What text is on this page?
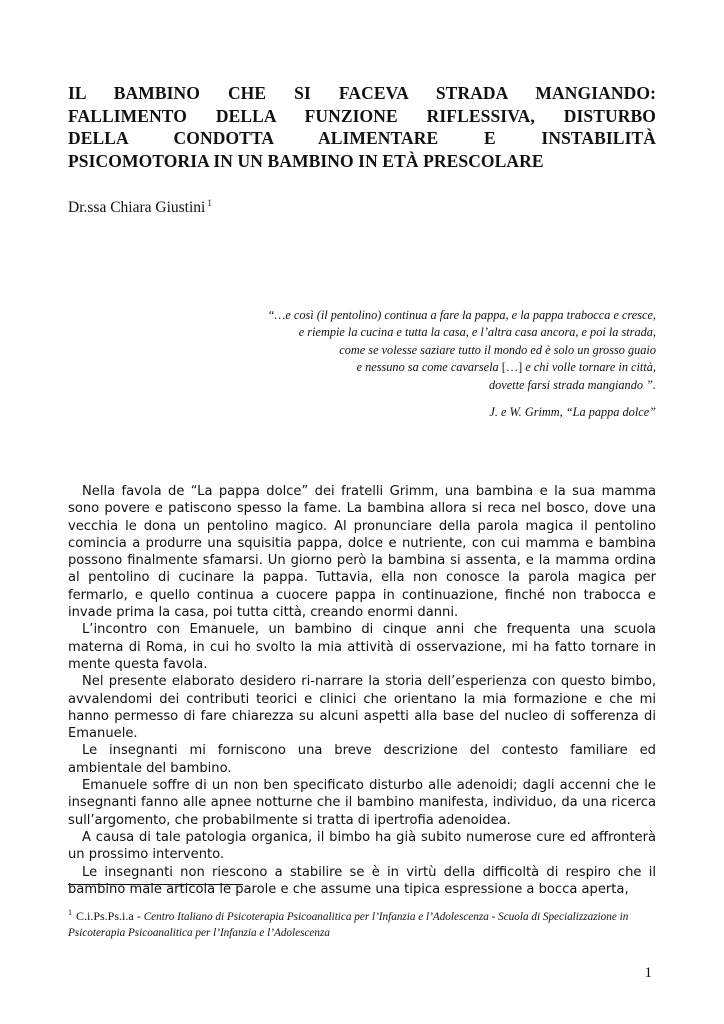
IL BAMBINO CHE SI FACEVA STRADA MANGIANDO:
FALLIMENTO DELLA FUNZIONE RIFLESSIVA, DISTURBO
DELLA CONDOTTA ALIMENTARE E INSTABILITÀ
PSICOMOTORIA IN UN BAMBINO IN ETÀ PRESCOLARE
Dr.ssa Chiara Giustini $^1$
“…e così (il pentolino) continua a fare la pappa, e la pappa trabocca e cresce,
e riempie la cucina e tutta la casa, e l’altra casa ancora, e poi la strada,
come se volesse saziare tutto il mondo ed è solo un grosso guaio
e nessuno sa come cavarsela […] e chi volle tornare in città,
dovette farsi strada mangiando ”.
J. e W. Grimm, “La pappa dolce”

Nella favola de “La pappa dolce” dei fratelli Grimm, una bambina e la sua mamma sono povere e patiscono spesso la fame. La bambina allora si reca nel bosco, dove una vecchia le dona un pentolino magico. Al pronunciare della parola magica il pentolino comincia a produrre una squisitia pappa, dolce e nutriente, con cui mamma e bambina possono finalmente sfamarsi. Un giorno però la bambina si assenta, e la mamma ordina al pentolino di cucinare la pappa. Tuttavia, ella non conosce la parola magica per fermarlo, e quello continua a cuocere pappa in continuazione, finché non trabocca e invade prima la casa, poi tutta città, creando enormi danni.

L’incontro con Emanuele, un bambino di cinque anni che frequenta una scuola materna di Roma, in cui ho svolto la mia attività di osservazione, mi ha fatto tornare in mente questa favola.

Nel presente elaborato desidero ri-narrare la storia dell’esperienza con questo bimbo, avvalendomi dei contributi teorici e clinici che orientano la mia formazione e che mi hanno permesso di fare chiarezza su alcuni aspetti alla base del nucleo di sofferenza di Emanuele.

Le insegnanti mi forniscono una breve descrizione del contesto familiare ed ambientale del bambino.

Emanuele soffre di un non ben specificato disturbo alle adenoidi; dagli accenni che le insegnanti fanno alle apnee notturne che il bambino manifesta, individuo, da una ricerca sull’argomento, che probabilmente si tratta di ipertrofia adenoidea.

A causa di tale patologia organica, il bimbo ha già subito numerose cure ed affronterà un prossimo intervento.

Le insegnanti non riescono a stabilire se è in virtù della difficoltà di respiro che il bambino male articola le parole e che assume una tipica espressione a bocca aperta,

$^1$ C.i.Ps.Ps.i.a - Centro Italiano di Psicoterapia Psicoanalitica per l’Infanzia e l’Adolescenza - Scuola di Specializzazione in Psicoterapia Psicoanalitica per l’Infanzia e l’Adolescenza
1
